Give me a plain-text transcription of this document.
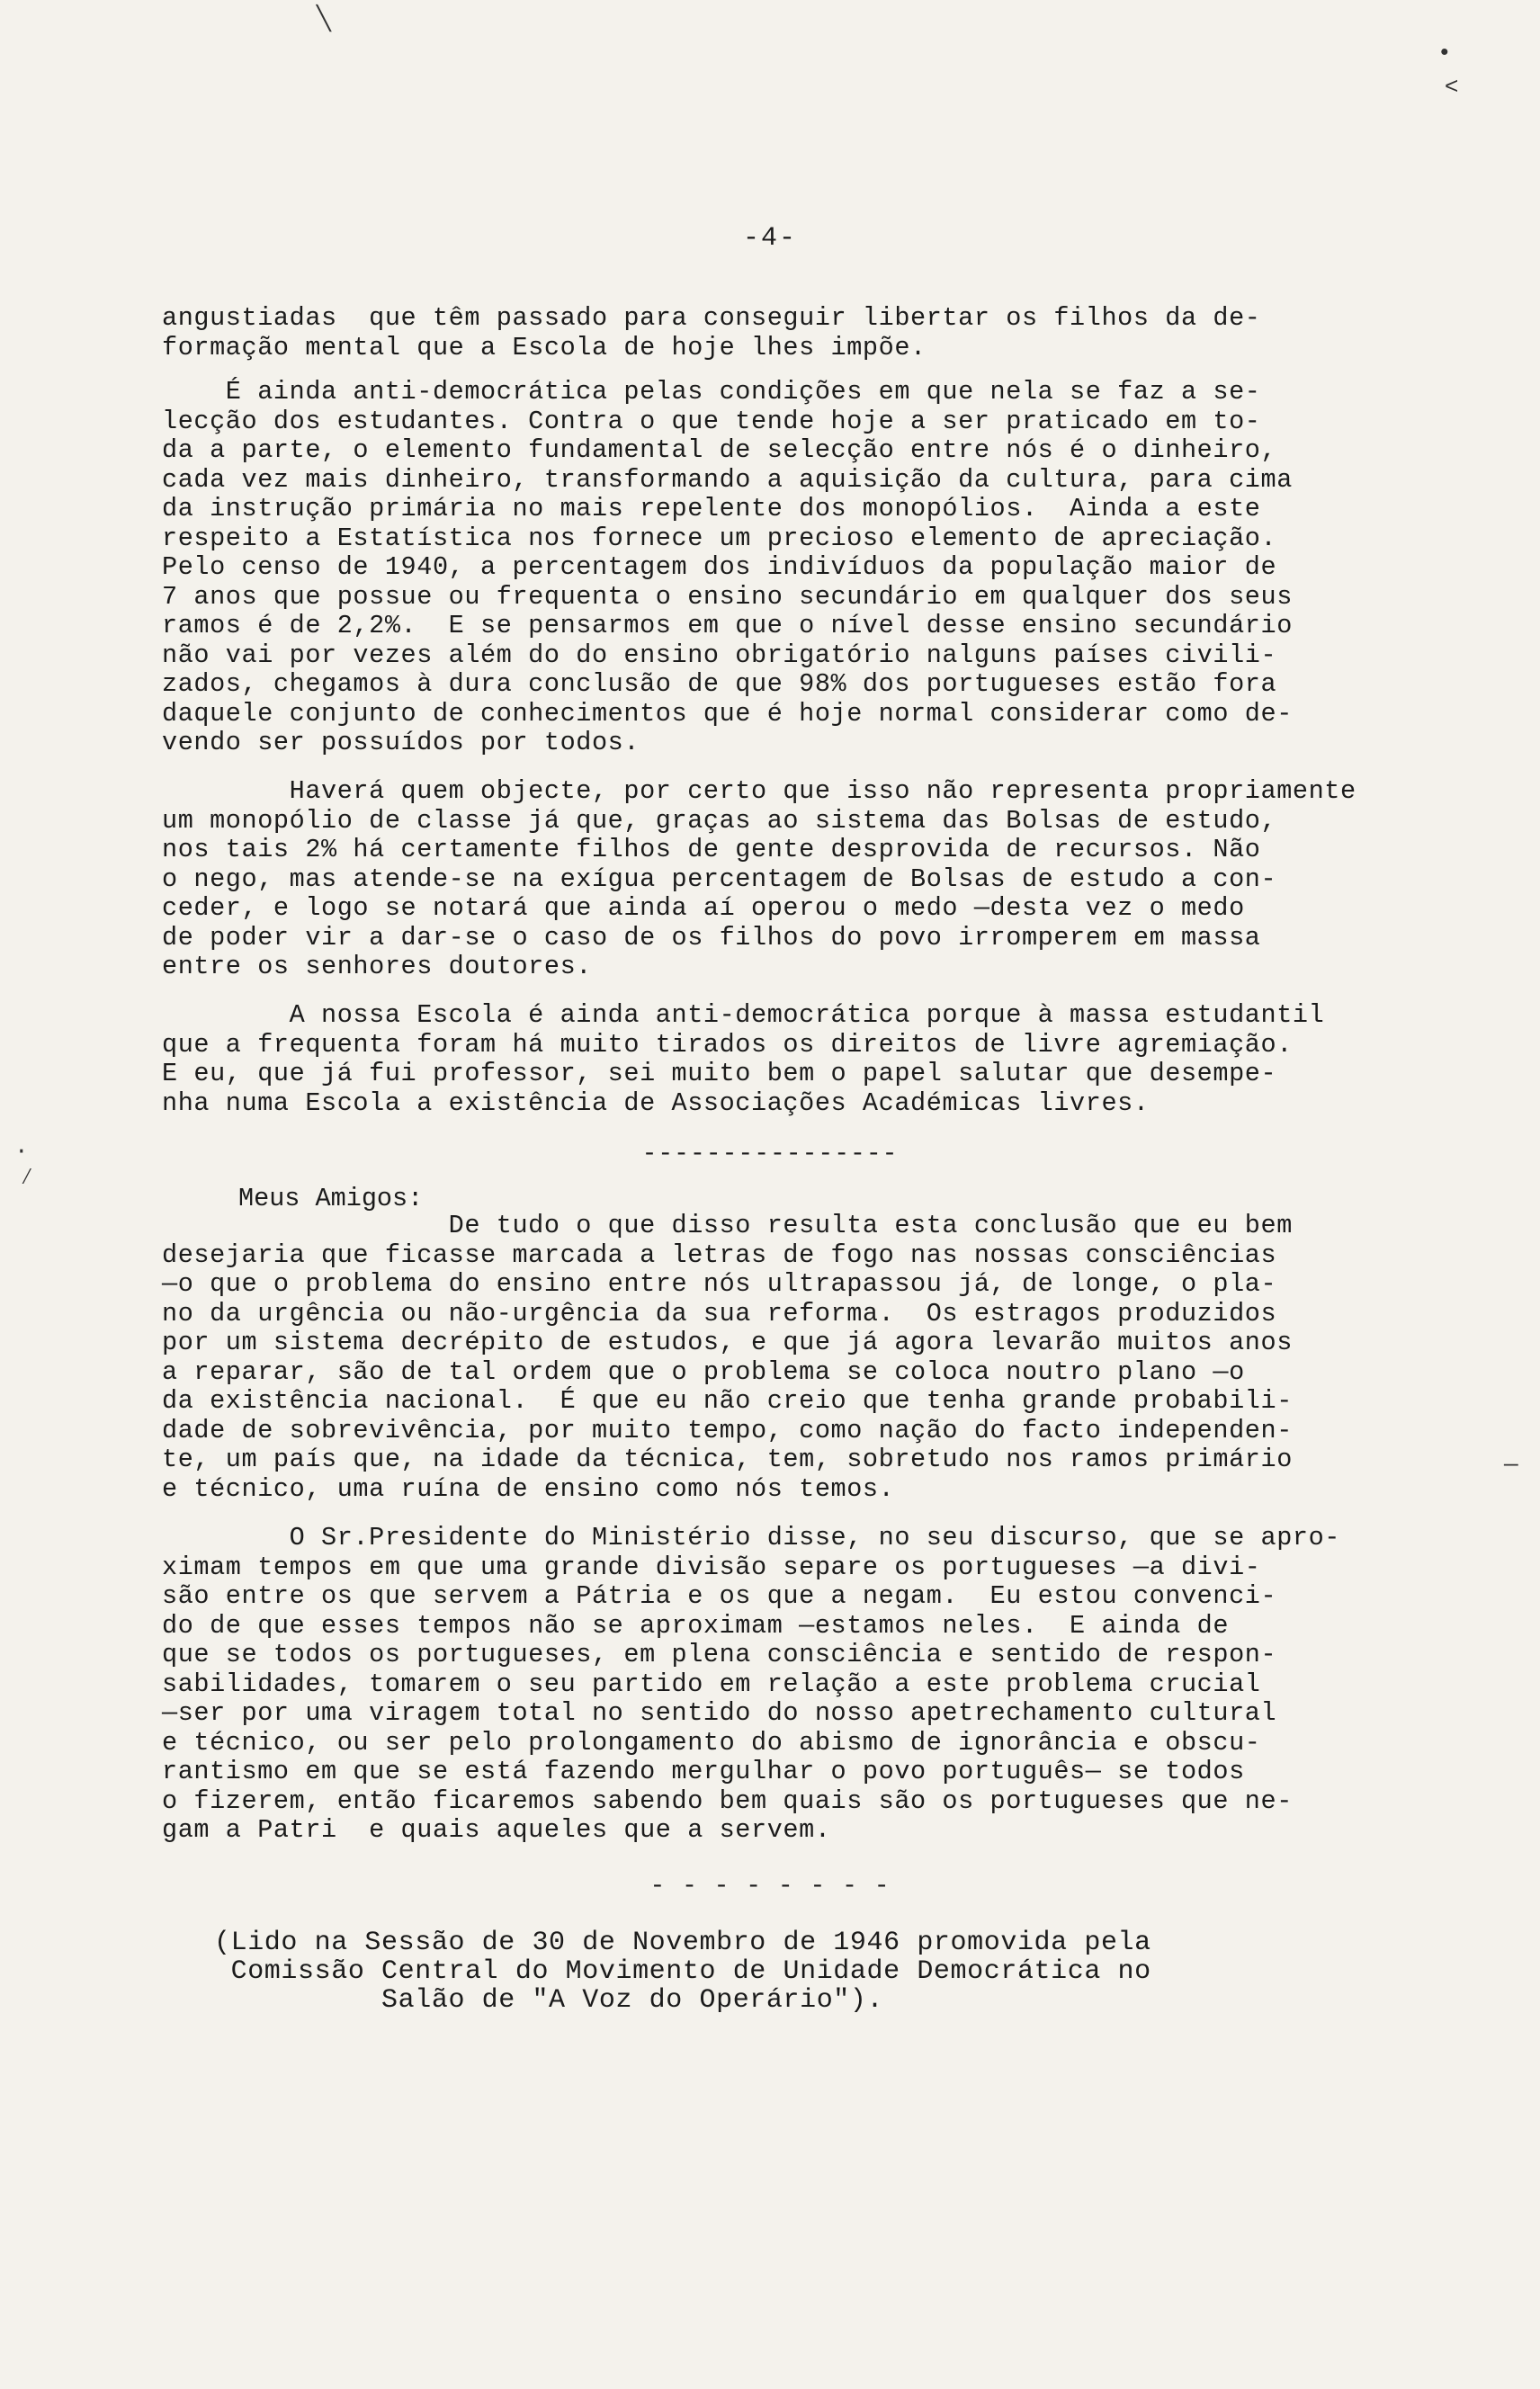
╲
•
˂
·
⁄
—
-4-
angustiadas  que têm passado para conseguir libertar os filhos da de-
formação mental que a Escola de hoje lhes impõe.
É ainda anti-democrática pelas condições em que nela se faz a se-
lecção dos estudantes. Contra o que tende hoje a ser praticado em to-
da a parte, o elemento fundamental de selecção entre nós é o dinheiro,
cada vez mais dinheiro, transformando a aquisição da cultura, para cima
da instrução primária no mais repelente dos monopólios.  Ainda a este
respeito a Estatística nos fornece um precioso elemento de apreciação.
Pelo censo de 1940, a percentagem dos indivíduos da população maior de
7 anos que possue ou frequenta o ensino secundário em qualquer dos seus
ramos é de 2,2%.  E se pensarmos em que o nível desse ensino secundário
não vai por vezes além do do ensino obrigatório nalguns países civili-
zados, chegamos à dura conclusão de que 98% dos portugueses estão fora
daquele conjunto de conhecimentos que é hoje normal considerar como de-
vendo ser possuídos por todos.
Haverá quem objecte, por certo que isso não representa propriamente
um monopólio de classe já que, graças ao sistema das Bolsas de estudo,
nos tais 2% há certamente filhos de gente desprovida de recursos. Não
o nego, mas atende-se na exígua percentagem de Bolsas de estudo a con-
ceder, e logo se notará que ainda aí operou o medo —desta vez o medo
de poder vir a dar-se o caso de os filhos do povo irromperem em massa
entre os senhores doutores.
A nossa Escola é ainda anti-democrática porque à massa estudantil
que a frequenta foram há muito tirados os direitos de livre agremiação.
E eu, que já fui professor, sei muito bem o papel salutar que desempe-
nha numa Escola a existência de Associações Académicas livres.
----------------
Meus Amigos:
De tudo o que disso resulta esta conclusão que eu bem
desejaria que ficasse marcada a letras de fogo nas nossas consciências
—o que o problema do ensino entre nós ultrapassou já, de longe, o pla-
no da urgência ou não-urgência da sua reforma.  Os estragos produzidos
por um sistema decrépito de estudos, e que já agora levarão muitos anos
a reparar, são de tal ordem que o problema se coloca noutro plano —o
da existência nacional.  É que eu não creio que tenha grande probabili-
dade de sobrevivência, por muito tempo, como nação do facto independen-
te, um país que, na idade da técnica, tem, sobretudo nos ramos primário
e técnico, uma ruína de ensino como nós temos.
O Sr.Presidente do Ministério disse, no seu discurso, que se apro-
ximam tempos em que uma grande divisão separe os portugueses —a divi-
são entre os que servem a Pátria e os que a negam.  Eu estou convenci-
do de que esses tempos não se aproximam —estamos neles.  E ainda de
que se todos os portugueses, em plena consciência e sentido de respon-
sabilidades, tomarem o seu partido em relação a este problema crucial
—ser por uma viragem total no sentido do nosso apetrechamento cultural
e técnico, ou ser pelo prolongamento do abismo de ignorância e obscu-
rantismo em que se está fazendo mergulhar o povo português— se todos
o fizerem, então ficaremos sabendo bem quais são os portugueses que ne-
gam a Patri  e quais aqueles que a servem.
- - - - - - - -
(Lido na Sessão de 30 de Novembro de 1946 promovida pela
Comissão Central do Movimento de Unidade Democrática no
Salão de "A Voz do Operário").
